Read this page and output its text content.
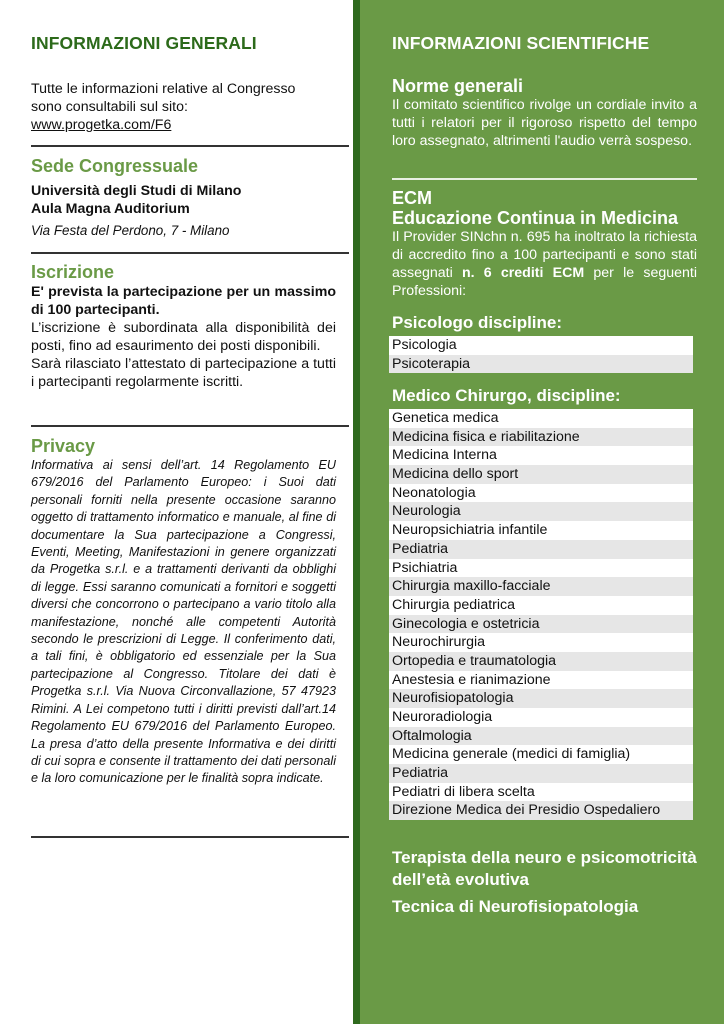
INFORMAZIONI GENERALI

Tutte le informazioni relative al Congresso

sono consultabili sul sito:

www.progetka.com/F6

Sede Congressuale

Università degli Studi di Milano

Aula Magna Auditorium

Via Festa del Perdono, 7 - Milano

Iscrizione

E' prevista la partecipazione per un massimo di 100 partecipanti.

L’iscrizione è subordinata alla disponibilità dei posti, fino ad esaurimento dei posti disponibili.

Sarà rilasciato l’attestato di partecipazione a tutti i partecipanti regolarmente iscritti.

Privacy

Informativa ai sensi dell’art. 14 Regolamento EU 679/2016 del Parlamento Europeo: i Suoi dati personali forniti nella presente occasione saranno oggetto di trattamento informatico e manuale, al fine di documentare la Sua partecipazione a Congressi, Eventi, Meeting, Manifestazioni in genere organizzati da Progetka s.r.l. e a trattamenti derivanti da obblighi di legge. Essi saranno comunicati a fornitori e soggetti diversi che concorrono o partecipano a vario titolo alla manifestazione, nonché alle competenti Autorità secondo le prescrizioni di Legge. Il conferimento dati, a tali fini, è obbligatorio ed essenziale per la Sua partecipazione al Congresso. Titolare dei dati è Progetka s.r.l. Via Nuova Circonvallazione, 57 47923 Rimini. A Lei competono tutti i diritti previsti dall’art.14 Regolamento EU 679/2016 del Parlamento Europeo. La presa d’atto della presente Informativa e dei diritti di cui sopra e consente il trattamento dei dati personali e la loro comunicazione per le finalità sopra indicate.

INFORMAZIONI SCIENTIFICHE

Norme generali

Il comitato scientifico rivolge un cordiale invito a tutti i relatori per il rigoroso rispetto del tempo loro assegnato, altrimenti l'audio verrà sospeso.

ECM

Educazione Continua in Medicina

Il Provider SINchn n. 695 ha inoltrato la richiesta di accredito fino a 100 partecipanti e sono stati assegnati n. 6 crediti ECM per le seguenti Professioni:

Psicologo discipline:
Psicologia
Psicoterapia
Medico Chirurgo, discipline:
Genetica medica
Medicina fisica e riabilitazione
Medicina Interna
Medicina dello sport
Neonatologia
Neurologia
Neuropsichiatria infantile
Pediatria
Psichiatria
Chirurgia maxillo-facciale
Chirurgia pediatrica
Ginecologia e ostetricia
Neurochirurgia
Ortopedia e traumatologia
Anestesia e rianimazione
Neurofisiopatologia
Neuroradiologia
Oftalmologia
Medicina generale (medici di famiglia)
Pediatria
Pediatri di libera scelta
Direzione Medica dei Presidio Ospedaliero
Terapista della neuro e psicomotricità dell’età evolutiva
Tecnica di Neurofisiopatologia
